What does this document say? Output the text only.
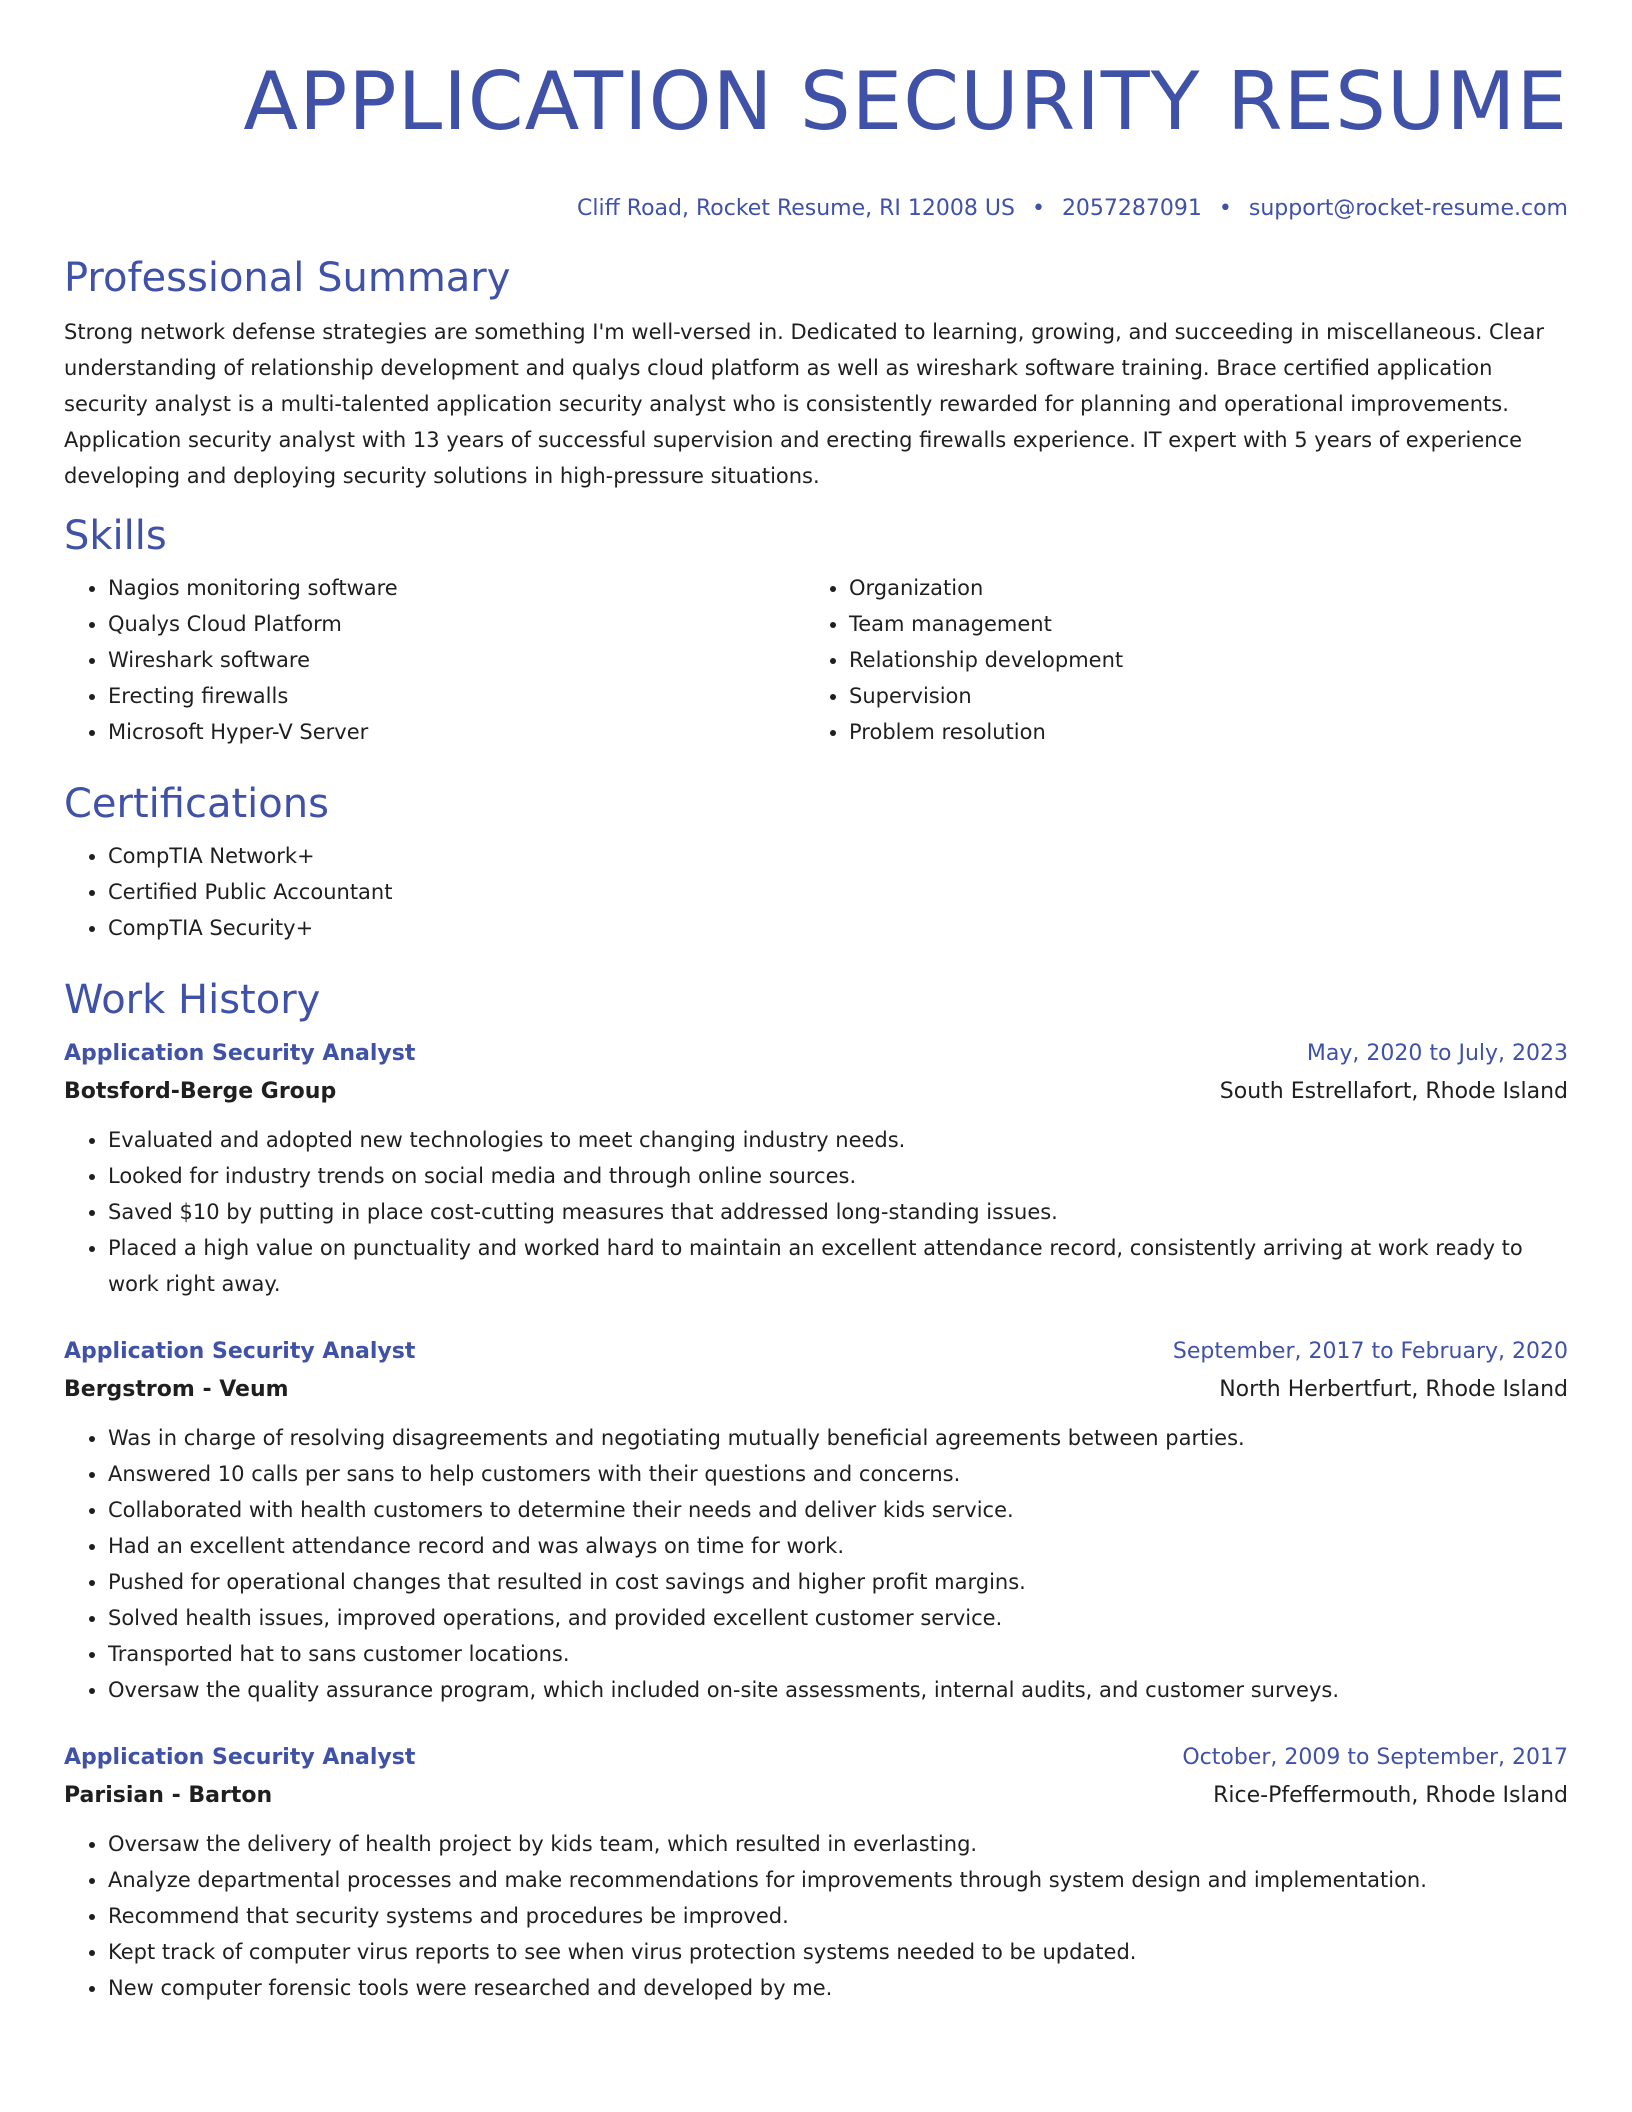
APPLICATION SECURITY RESUME
Cliff Road, Rocket Resume, RI 12008 US • 2057287091 • support@rocket-resume.com
Professional Summary

Strong network defense strategies are something I'm well-versed in. Dedicated to learning, growing, and succeeding in miscellaneous. Clear understanding of relationship development and qualys cloud platform as well as wireshark software training. Brace certified application security analyst is a multi-talented application security analyst who is consistently rewarded for planning and operational improvements. Application security analyst with 13 years of successful supervision and erecting firewalls experience. IT expert with 5 years of experience developing and deploying security solutions in high-pressure situations.

Skills
• Nagios monitoring software
• Qualys Cloud Platform
• Wireshark software
• Erecting firewalls
• Microsoft Hyper-V Server
• Organization
• Team management
• Relationship development
• Supervision
• Problem resolution
Certifications
• CompTIA Network+
• Certified Public Accountant
• CompTIA Security+
Work History
Application Security Analyst	May, 2020 to July, 2023
Botsford-Berge Group	South Estrellafort, Rhode Island
• Evaluated and adopted new technologies to meet changing industry needs.
• Looked for industry trends on social media and through online sources.
• Saved $10 by putting in place cost-cutting measures that addressed long-standing issues.
• Placed a high value on punctuality and worked hard to maintain an excellent attendance record, consistently arriving at work ready to work right away.
Application Security Analyst	September, 2017 to February, 2020
Bergstrom - Veum	North Herbertfurt, Rhode Island
• Was in charge of resolving disagreements and negotiating mutually beneficial agreements between parties.
• Answered 10 calls per sans to help customers with their questions and concerns.
• Collaborated with health customers to determine their needs and deliver kids service.
• Had an excellent attendance record and was always on time for work.
• Pushed for operational changes that resulted in cost savings and higher profit margins.
• Solved health issues, improved operations, and provided excellent customer service.
• Transported hat to sans customer locations.
• Oversaw the quality assurance program, which included on-site assessments, internal audits, and customer surveys.
Application Security Analyst	October, 2009 to September, 2017
Parisian - Barton	Rice-Pfeffermouth, Rhode Island
• Oversaw the delivery of health project by kids team, which resulted in everlasting.
• Analyze departmental processes and make recommendations for improvements through system design and implementation.
• Recommend that security systems and procedures be improved.
• Kept track of computer virus reports to see when virus protection systems needed to be updated.
• New computer forensic tools were researched and developed by me.
